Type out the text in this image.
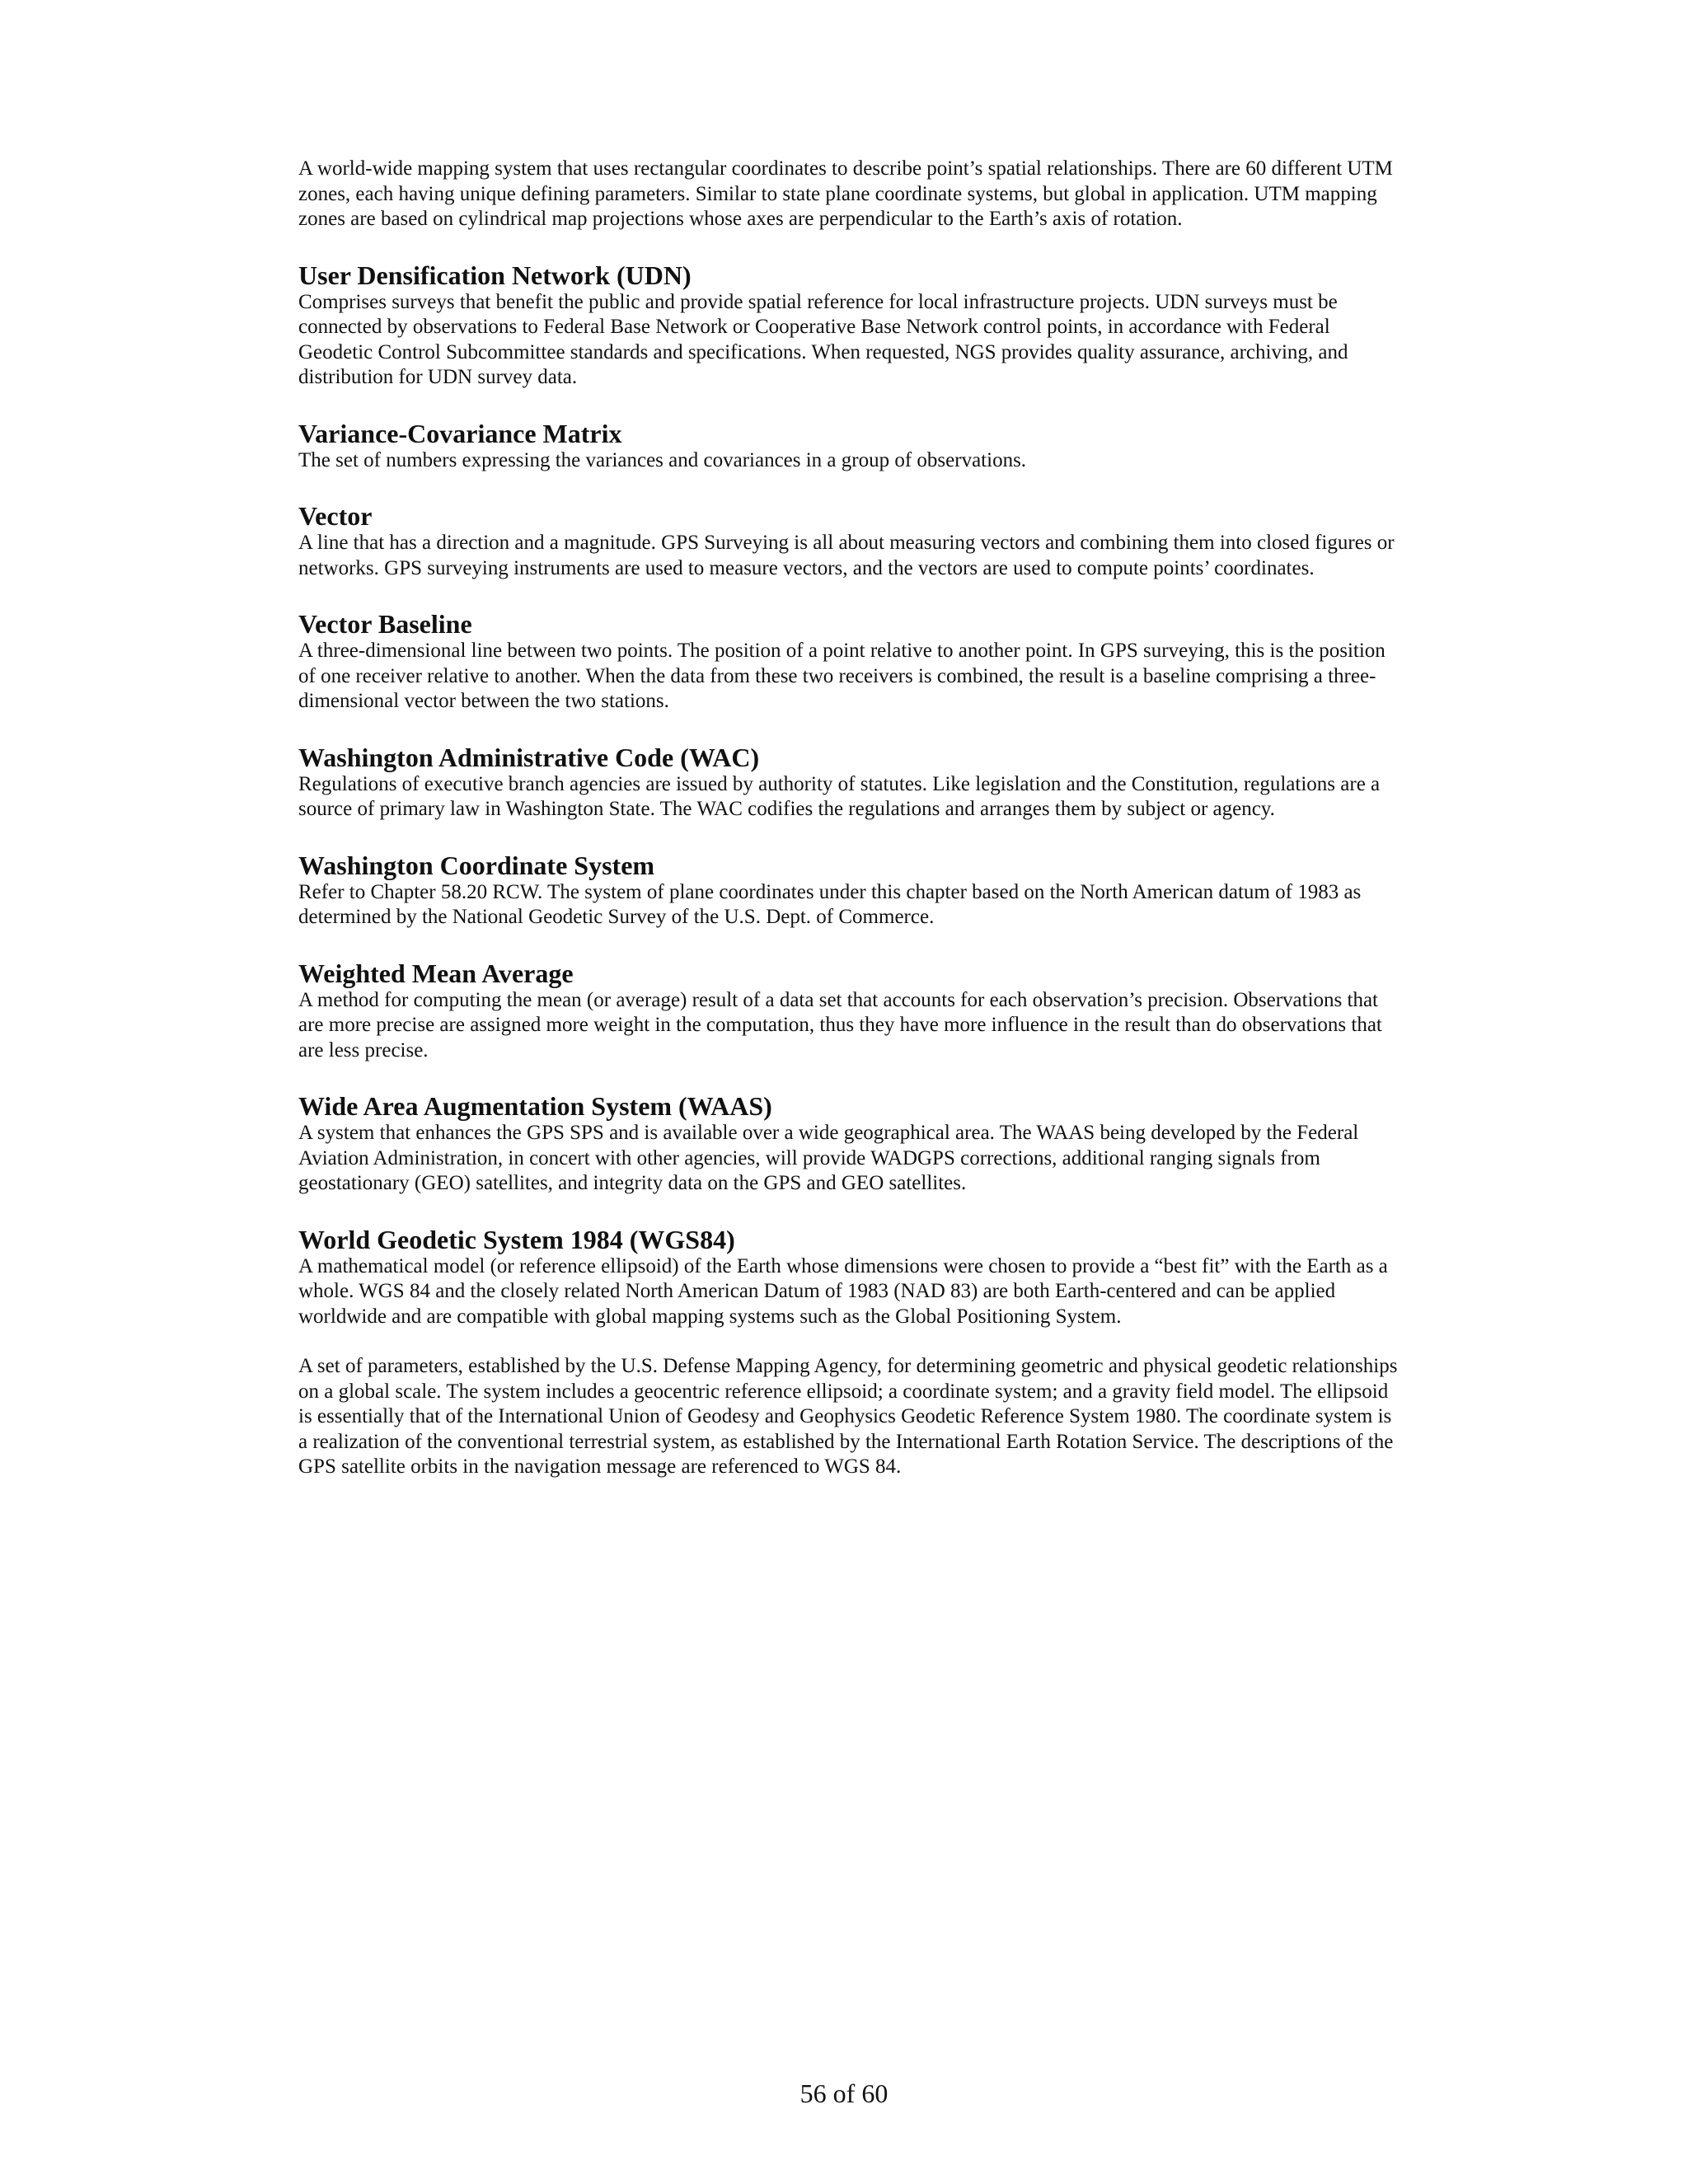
A world-wide mapping system that uses rectangular coordinates to describe point’s spatial relationships. There are 60 different UTM zones, each having unique defining parameters. Similar to state plane coordinate systems, but global in application. UTM mapping zones are based on cylindrical map projections whose axes are perpendicular to the Earth’s axis of rotation.

User Densification Network (UDN)

Comprises surveys that benefit the public and provide spatial reference for local infrastructure projects. UDN surveys must be connected by observations to Federal Base Network or Cooperative Base Network control points, in accordance with Federal Geodetic Control Subcommittee standards and specifications. When requested, NGS provides quality assurance, archiving, and distribution for UDN survey data.

Variance-Covariance Matrix

The set of numbers expressing the variances and covariances in a group of observations.

Vector

A line that has a direction and a magnitude. GPS Surveying is all about measuring vectors and combining them into closed figures or networks. GPS surveying instruments are used to measure vectors, and the vectors are used to compute points’ coordinates.

Vector Baseline

A three-dimensional line between two points. The position of a point relative to another point. In GPS surveying, this is the position of one receiver relative to another. When the data from these two receivers is combined, the result is a baseline comprising a three-dimensional vector between the two stations.

Washington Administrative Code (WAC)

Regulations of executive branch agencies are issued by authority of statutes. Like legislation and the Constitution, regulations are a source of primary law in Washington State. The WAC codifies the regulations and arranges them by subject or agency.

Washington Coordinate System

Refer to Chapter 58.20 RCW. The system of plane coordinates under this chapter based on the North American datum of 1983 as determined by the National Geodetic Survey of the U.S. Dept. of Commerce.

Weighted Mean Average

A method for computing the mean (or average) result of a data set that accounts for each observation’s precision. Observations that are more precise are assigned more weight in the computation, thus they have more influence in the result than do observations that are less precise.

Wide Area Augmentation System (WAAS)

A system that enhances the GPS SPS and is available over a wide geographical area. The WAAS being developed by the Federal Aviation Administration, in concert with other agencies, will provide WADGPS corrections, additional ranging signals from geostationary (GEO) satellites, and integrity data on the GPS and GEO satellites.

World Geodetic System 1984 (WGS84)

A mathematical model (or reference ellipsoid) of the Earth whose dimensions were chosen to provide a “best fit” with the Earth as a whole. WGS 84 and the closely related North American Datum of 1983 (NAD 83) are both Earth-centered and can be applied worldwide and are compatible with global mapping systems such as the Global Positioning System.

A set of parameters, established by the U.S. Defense Mapping Agency, for determining geometric and physical geodetic relationships on a global scale. The system includes a geocentric reference ellipsoid; a coordinate system; and a gravity field model. The ellipsoid is essentially that of the International Union of Geodesy and Geophysics Geodetic Reference System 1980. The coordinate system is a realization of the conventional terrestrial system, as established by the International Earth Rotation Service. The descriptions of the GPS satellite orbits in the navigation message are referenced to WGS 84.

56 of 60
